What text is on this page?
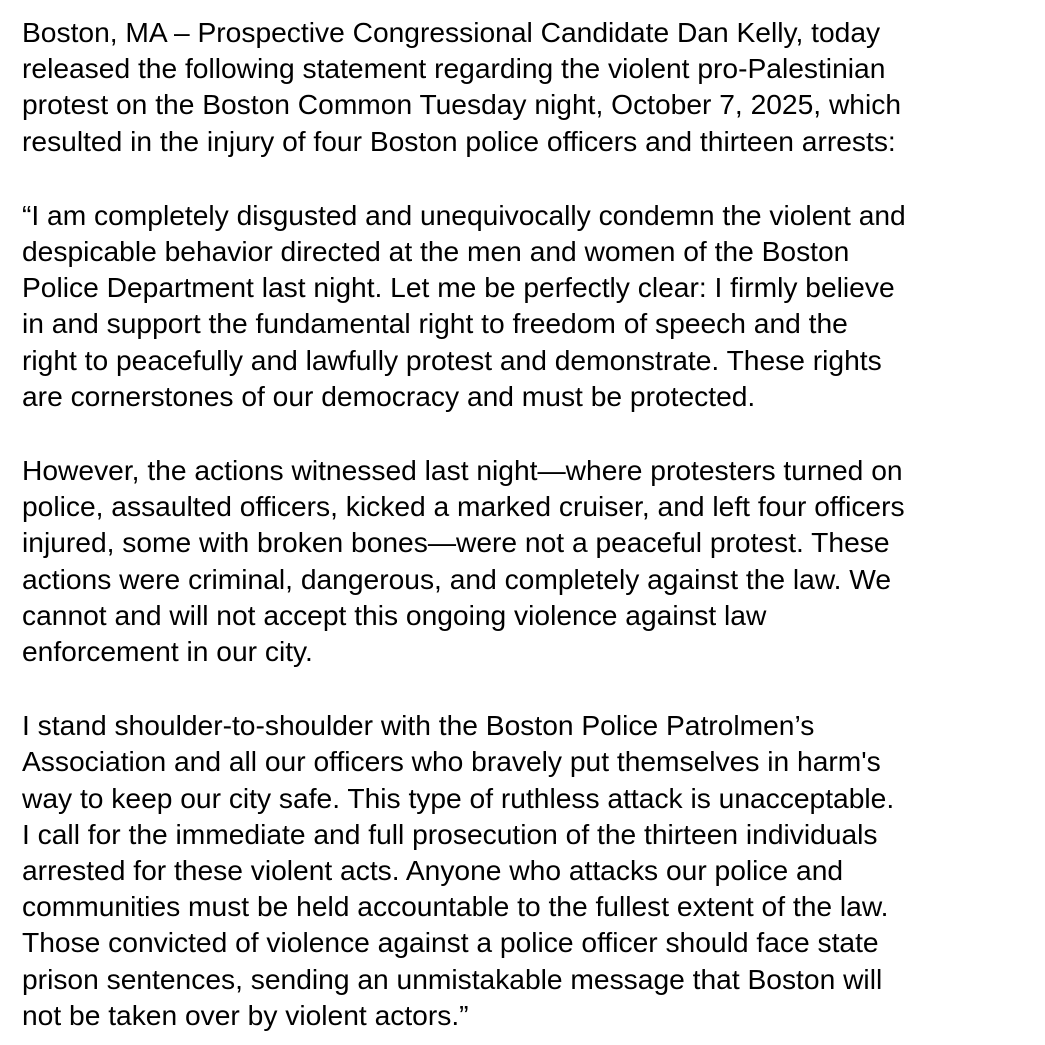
Boston, MA – Prospective Congressional Candidate Dan Kelly, today
released the following statement regarding the violent pro-Palestinian
protest on the Boston Common Tuesday night, October 7, 2025, which
resulted in the injury of four Boston police officers and thirteen arrests:

“I am completely disgusted and unequivocally condemn the violent and
despicable behavior directed at the men and women of the Boston
Police Department last night. Let me be perfectly clear: I firmly believe
in and support the fundamental right to freedom of speech and the
right to peacefully and lawfully protest and demonstrate. These rights
are cornerstones of our democracy and must be protected.

However, the actions witnessed last night—where protesters turned on
police, assaulted officers, kicked a marked cruiser, and left four officers
injured, some with broken bones—were not a peaceful protest. These
actions were criminal, dangerous, and completely against the law. We
cannot and will not accept this ongoing violence against law
enforcement in our city.

I stand shoulder-to-shoulder with the Boston Police Patrolmen’s
Association and all our officers who bravely put themselves in harm's
way to keep our city safe. This type of ruthless attack is unacceptable.
I call for the immediate and full prosecution of the thirteen individuals
arrested for these violent acts. Anyone who attacks our police and
communities must be held accountable to the fullest extent of the law.
Those convicted of violence against a police officer should face state
prison sentences, sending an unmistakable message that Boston will
not be taken over by violent actors.”
